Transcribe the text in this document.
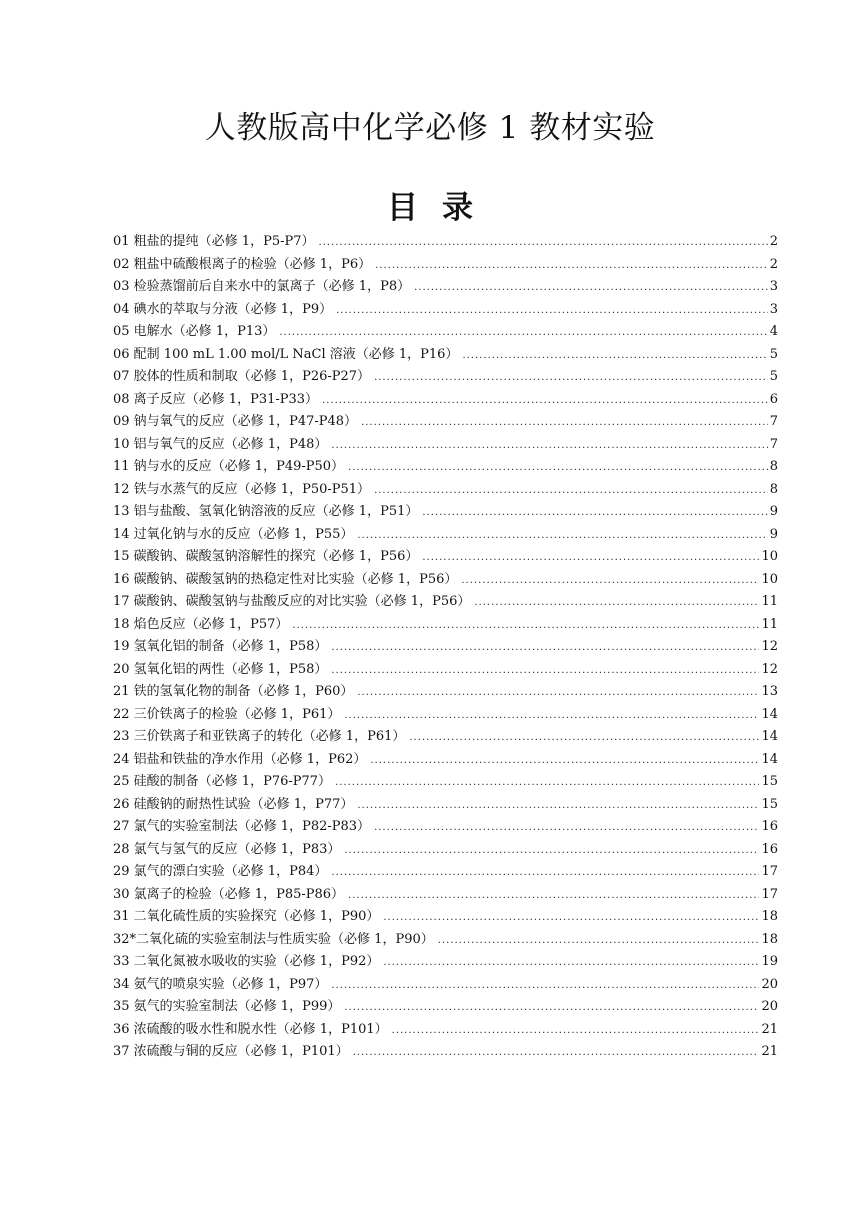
人教版高中化学必修 1 教材实验
目 录
01 粗盐的提纯（必修 1，P5-P7） .....	2
02 粗盐中硫酸根离子的检验（必修 1，P6） .....	2
03 检验蒸馏前后自来水中的氯离子（必修 1，P8） .....	3
04 碘水的萃取与分液（必修 1，P9） .....	3
05 电解水（必修 1，P13） .....	4
06 配制 100 mL 1.00 mol/L NaCl 溶液（必修 1，P16） .....	5
07 胶体的性质和制取（必修 1，P26-P27） .....	5
08 离子反应（必修 1，P31-P33） .....	6
09 钠与氧气的反应（必修 1，P47-P48） .....	7
10 铝与氧气的反应（必修 1，P48） .....	7
11 钠与水的反应（必修 1，P49-P50） .....	8
12 铁与水蒸气的反应（必修 1，P50-P51） .....	8
13 铝与盐酸、氢氧化钠溶液的反应（必修 1，P51） .....	9
14 过氧化钠与水的反应（必修 1，P55） .....	9
15 碳酸钠、碳酸氢钠溶解性的探究（必修 1，P56） .....	10
16 碳酸钠、碳酸氢钠的热稳定性对比实验（必修 1，P56） .....	10
17 碳酸钠、碳酸氢钠与盐酸反应的对比实验（必修 1，P56） .....	11
18 焰色反应（必修 1，P57） .....	11
19 氢氧化铝的制备（必修 1，P58） .....	12
20 氢氧化铝的两性（必修 1，P58） .....	12
21 铁的氢氧化物的制备（必修 1，P60） .....	13
22 三价铁离子的检验（必修 1，P61） .....	14
23 三价铁离子和亚铁离子的转化（必修 1，P61） .....	14
24 铝盐和铁盐的净水作用（必修 1，P62） .....	14
25 硅酸的制备（必修 1，P76-P77） .....	15
26 硅酸钠的耐热性试验（必修 1，P77） .....	15
27 氯气的实验室制法（必修 1，P82-P83） .....	16
28 氯气与氢气的反应（必修 1，P83） .....	16
29 氯气的漂白实验（必修 1，P84） .....	17
30 氯离子的检验（必修 1，P85-P86） .....	17
31 二氧化硫性质的实验探究（必修 1，P90） .....	18
32*二氧化硫的实验室制法与性质实验（必修 1，P90） .....	18
33 二氧化氮被水吸收的实验（必修 1，P92） .....	19
34 氨气的喷泉实验（必修 1，P97） .....	20
35 氨气的实验室制法（必修 1，P99） .....	20
36 浓硫酸的吸水性和脱水性（必修 1，P101） .....	21
37 浓硫酸与铜的反应（必修 1，P101） .....	21
